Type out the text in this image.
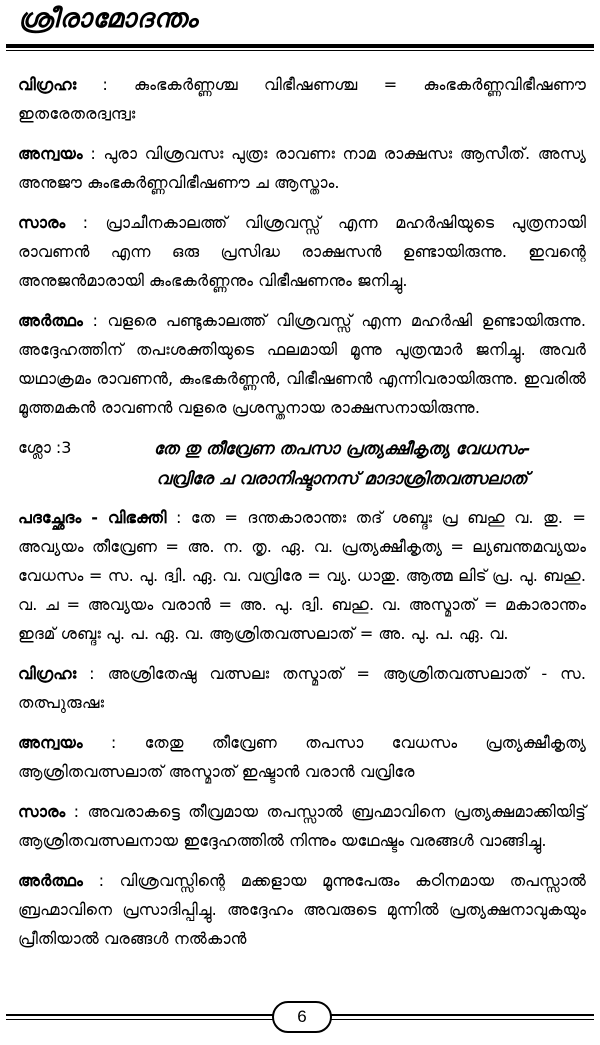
ശ്രീരാമോദന്തം

വിഗ്രഹഃ : കുംഭകർണ്ണശ്ച വിഭീഷണശ്ച = കുംഭകർണ്ണവിഭീഷണൗ ഇതരേതരദ്വന്ദ്വഃ

അന്വയം : പുരാ വിശ്രവസഃ പുത്രഃ രാവണഃ നാമ രാക്ഷസഃ ആസീത്. അസ്യ അനുജൗ കുംഭകർണ്ണവിഭീഷണൗ ച ആസ്താം.

സാരം : പ്രാചീനകാലത്ത് വിശ്രവസ്സ് എന്ന മഹർഷിയുടെ പുത്രനായി രാവണൻ എന്ന ഒരു പ്രസിദ്ധ രാക്ഷസൻ ഉണ്ടായിരുന്നു. ഇവന്റെ അനുജൻമാരായി കുംഭകർണ്ണനും വിഭീഷണനും ജനിച്ചു.

അർത്ഥം : വളരെ പണ്ടുകാലത്ത് വിശ്രവസ്സ് എന്ന മഹർഷി ഉണ്ടായിരുന്നു. അദ്ദേഹത്തിന് തപഃശക്തിയുടെ ഫലമായി മൂന്നു പുത്രന്മാർ ജനിച്ചു. അവർ യഥാക്രമം രാവണൻ, കുംഭകർണ്ണൻ, വിഭീഷണൻ എന്നിവരായിരുന്നു. ഇവരിൽ മൂത്തമകൻ രാവണൻ വളരെ പ്രശസ്തനായ രാക്ഷസനായിരുന്നു.

ശ്ലോ :3	തേ തു തീവ്രേണ തപസാ പ്രത്യക്ഷീകൃത്യ വേധസം-
വവ്രിരേ ച വരാനിഷ്ടാനസ് മാദാശ്രിതവത്സലാത്

പദച്ഛേദം - വിഭക്തി : തേ = ദന്തകാരാന്തഃ തദ് ശബ്ദഃ പ്ര ബഹു വ. തു. = അവ്യയം തീവ്രേണ = അ. ന. തൃ. ഏ. വ. പ്രത്യക്ഷീകൃത്യ = ല്യബന്തമവ്യയം വേധസം = സ. പു. ദ്വി. ഏ. വ. വവ്രിരേ = വ്യ. ധാതു. ആത്മ ലിട് പ്ര. പു. ബഹു. വ. ച = അവ്യയം വരാൻ = അ. പു. ദ്വി. ബഹു. വ. അസ്മാത് = മകാരാന്തം ഇദമ് ശബ്ദഃ പു. പ. ഏ. വ. ആശ്രിതവത്സലാത് = അ. പു. പ. ഏ. വ.

വിഗ്രഹഃ : അശ്രിതേഷു വത്സലഃ തസ്മാത് = ആശ്രിതവത്സലാത് - സ. തത്പുരുഷഃ

അന്വയം : തേതു തീവ്രേണ തപസാ വേധസം പ്രത്യക്ഷീകൃത്യ ആശ്രിതവത്സലാത് അസ്മാത് ഇഷ്ടാൻ വരാൻ വവ്രിരേ

സാരം : അവരാകട്ടെ തീവ്രമായ തപസ്സാൽ ബ്രഹ്മാവിനെ പ്രത്യക്ഷമാക്കിയിട്ട് ആശ്രിതവത്സലനായ ഇദ്ദേഹത്തിൽ നിന്നും യഥേഷ്ടം വരങ്ങൾ വാങ്ങിച്ചു.

അർത്ഥം : വിശ്രവസ്സിന്റെ മക്കളായ മൂന്നുപേരും കഠിനമായ തപസ്സാൽ ബ്രഹ്മാവിനെ പ്രസാദിപ്പിച്ചു. അദ്ദേഹം അവരുടെ മുന്നിൽ പ്രത്യക്ഷനാവുകയും പ്രീതിയാൽ വരങ്ങൾ നൽകാൻ

6
